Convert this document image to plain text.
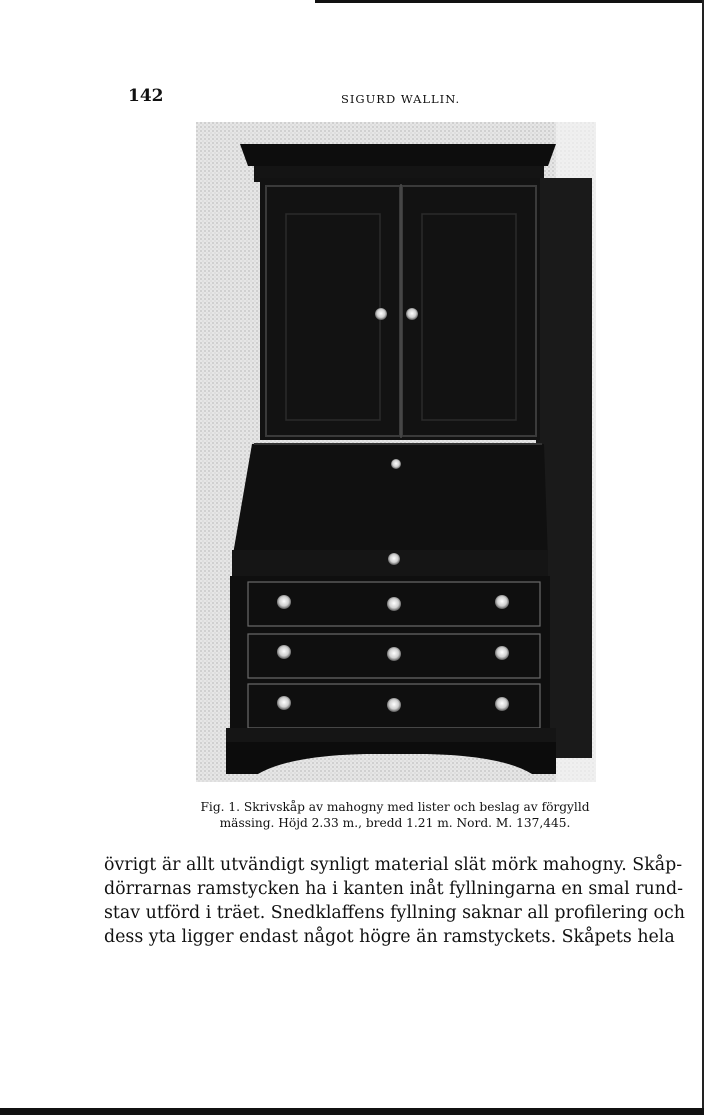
142	SIGURD WALLIN.
Fig. 1. Skrivskåp av mahogny med lister och beslag av förgylld
mässing. Höjd 2.33 m., bredd 1.21 m. Nord. M. 137,445.
övrigt är allt utvändigt synligt material slät mörk mahogny. Skåp-
dörrarnas ramstycken ha i kanten inåt fyllningarna en smal rund-
stav utförd i träet. Snedklaffens fyllning saknar all profilering och
dess yta ligger endast något högre än ramstyckets. Skåpets hela
